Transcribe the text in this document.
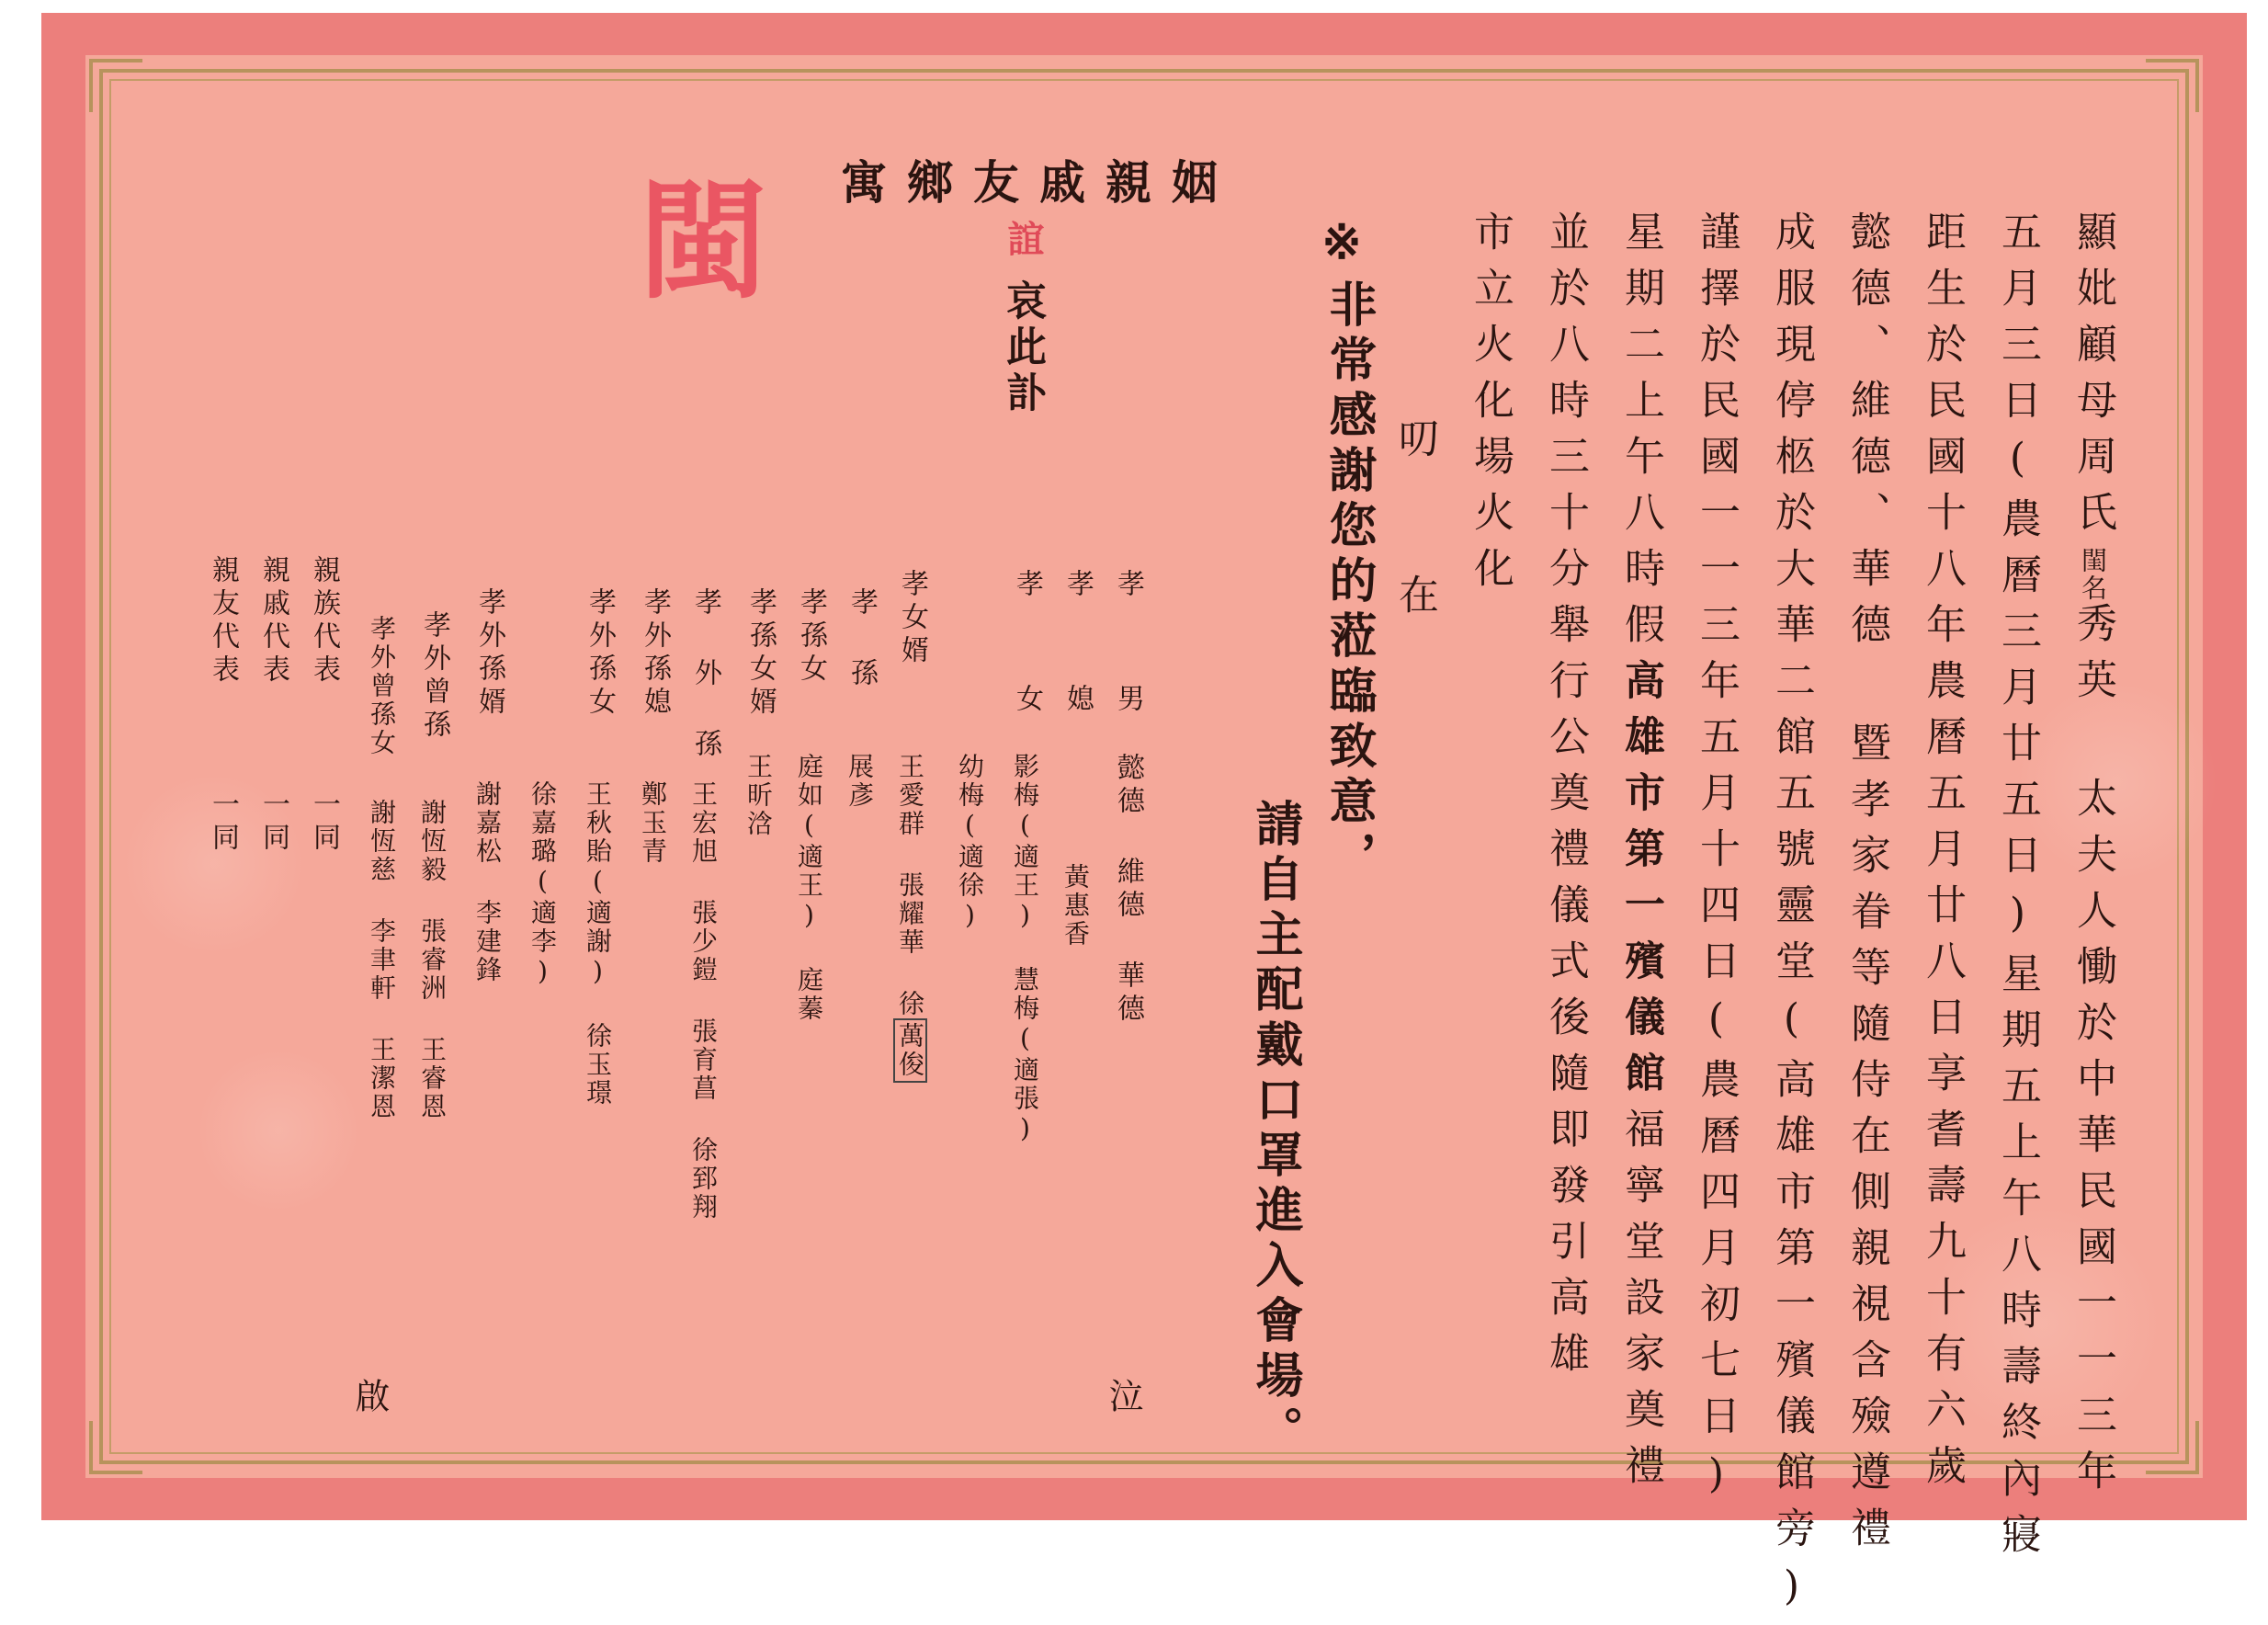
閩	寓鄉友戚親姻
誼
哀此訃	顯妣顧母周氏閨名秀英 太夫人慟於中華民國一一三年
五月三日(農曆三月廿五日)星期五上午八時壽終內寢
距生於民國十八年農曆五月廿八日享耆壽九十有六歲
懿德、維德、華德 暨孝家眷等隨侍在側親視含殮遵禮
成服現停柩於大華二館五號靈堂(高雄市第一殯儀館旁)
謹擇於民國一一三年五月十四日(農曆四月初七日)
星期二上午八時假高雄市第一殯儀館福寧堂設家奠禮
並於八時三十分舉行公奠禮儀式後隨即發引高雄
市立火化場火化
叨
在
※
非常感謝您的蒞臨致意，
請自主配戴口罩進入會場。
孝
男
懿德 維德 華德
孝
媳
黃惠香
孝
女
影梅(適王) 慧梅(適張)
幼梅(適徐)
孝女婿
王愛群 張耀華 徐萬俊
孝 孫
展彥
孝孫女
庭如(適王) 庭蓁
孝孫女婿
王昕浛
孝 外 孫
王宏旭 張少鎧 張育菖 徐郅翔
孝外孫媳
鄭玉青
孝外孫女
王秋貽(適謝) 徐玉璟
徐嘉璐(適李)
孝外孫婿
謝嘉松 李建鋒
孝外曾孫
謝恆毅 張睿洲 王睿恩
孝外曾孫女
謝恆慈 李聿軒 王潔恩
親族代表
一同
親戚代表
一同
親友代表
一同
泣
啟
